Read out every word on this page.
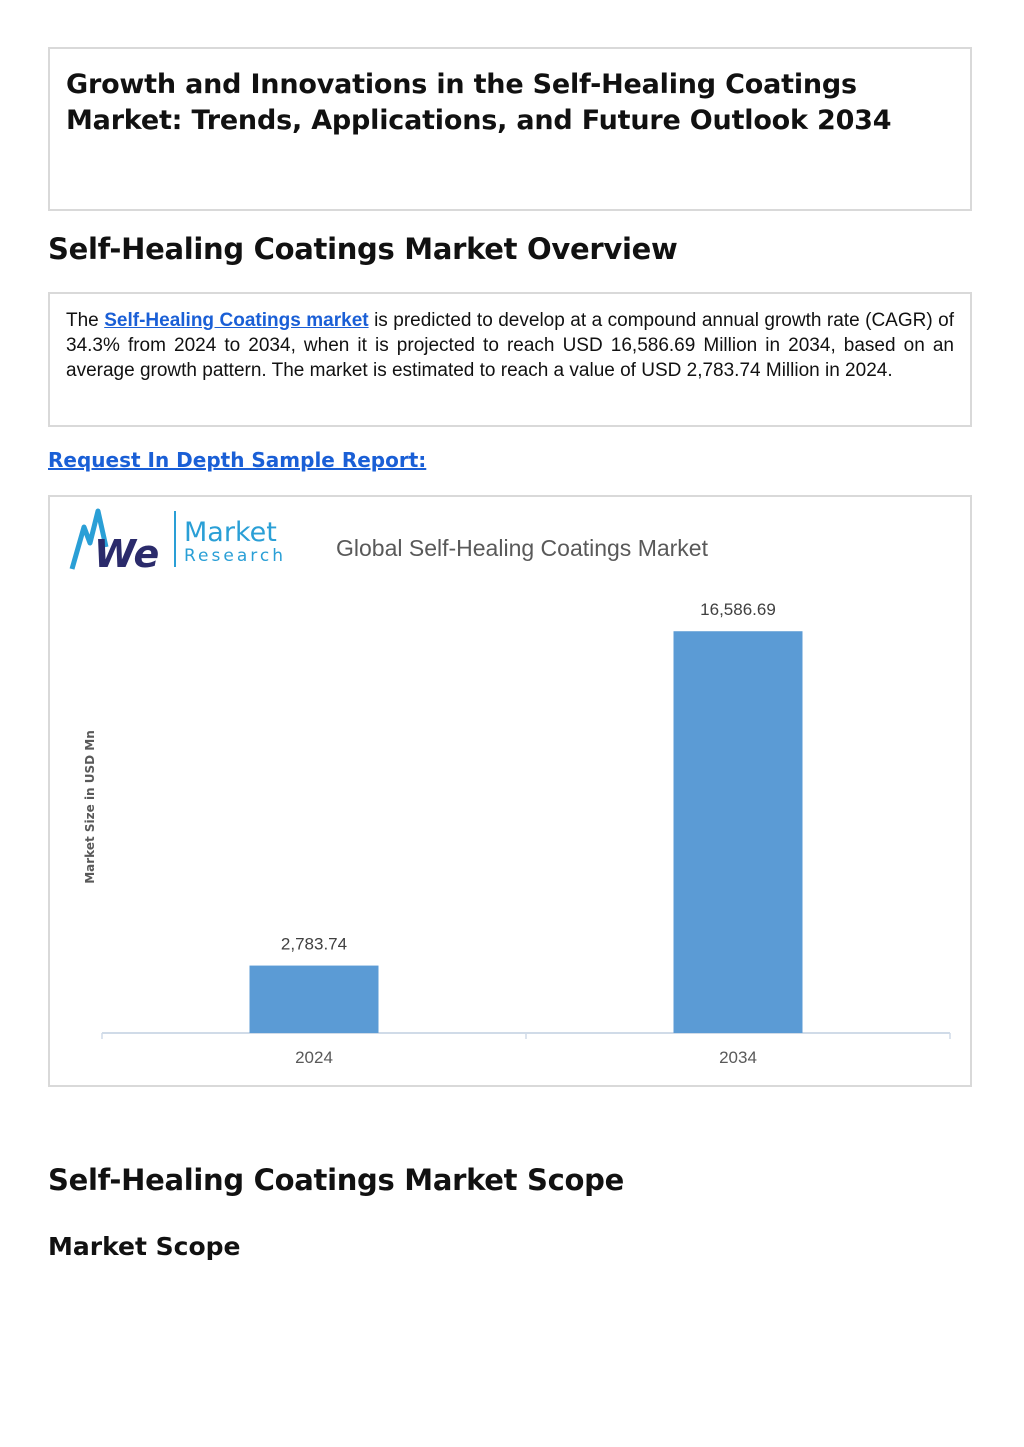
Growth and Innovations in the Self-Healing Coatings Market: Trends, Applications, and Future Outlook 2034
Self-Healing Coatings Market Overview

The Self-Healing Coatings market is predicted to develop at a compound annual growth rate (CAGR) of 34.3% from 2024 to 2034, when it is projected to reach USD 16,586.69 Million in 2034, based on an average growth pattern. The market is estimated to reach a value of USD 2,783.74 Million in 2024.

Request In Depth Sample Report:
We Market
Research Global Self-Healing Coatings Market
Market Size in USD Mn
2,783.74
2024
16,586.69
2034
Self-Healing Coatings Market Scope
Market Scope
